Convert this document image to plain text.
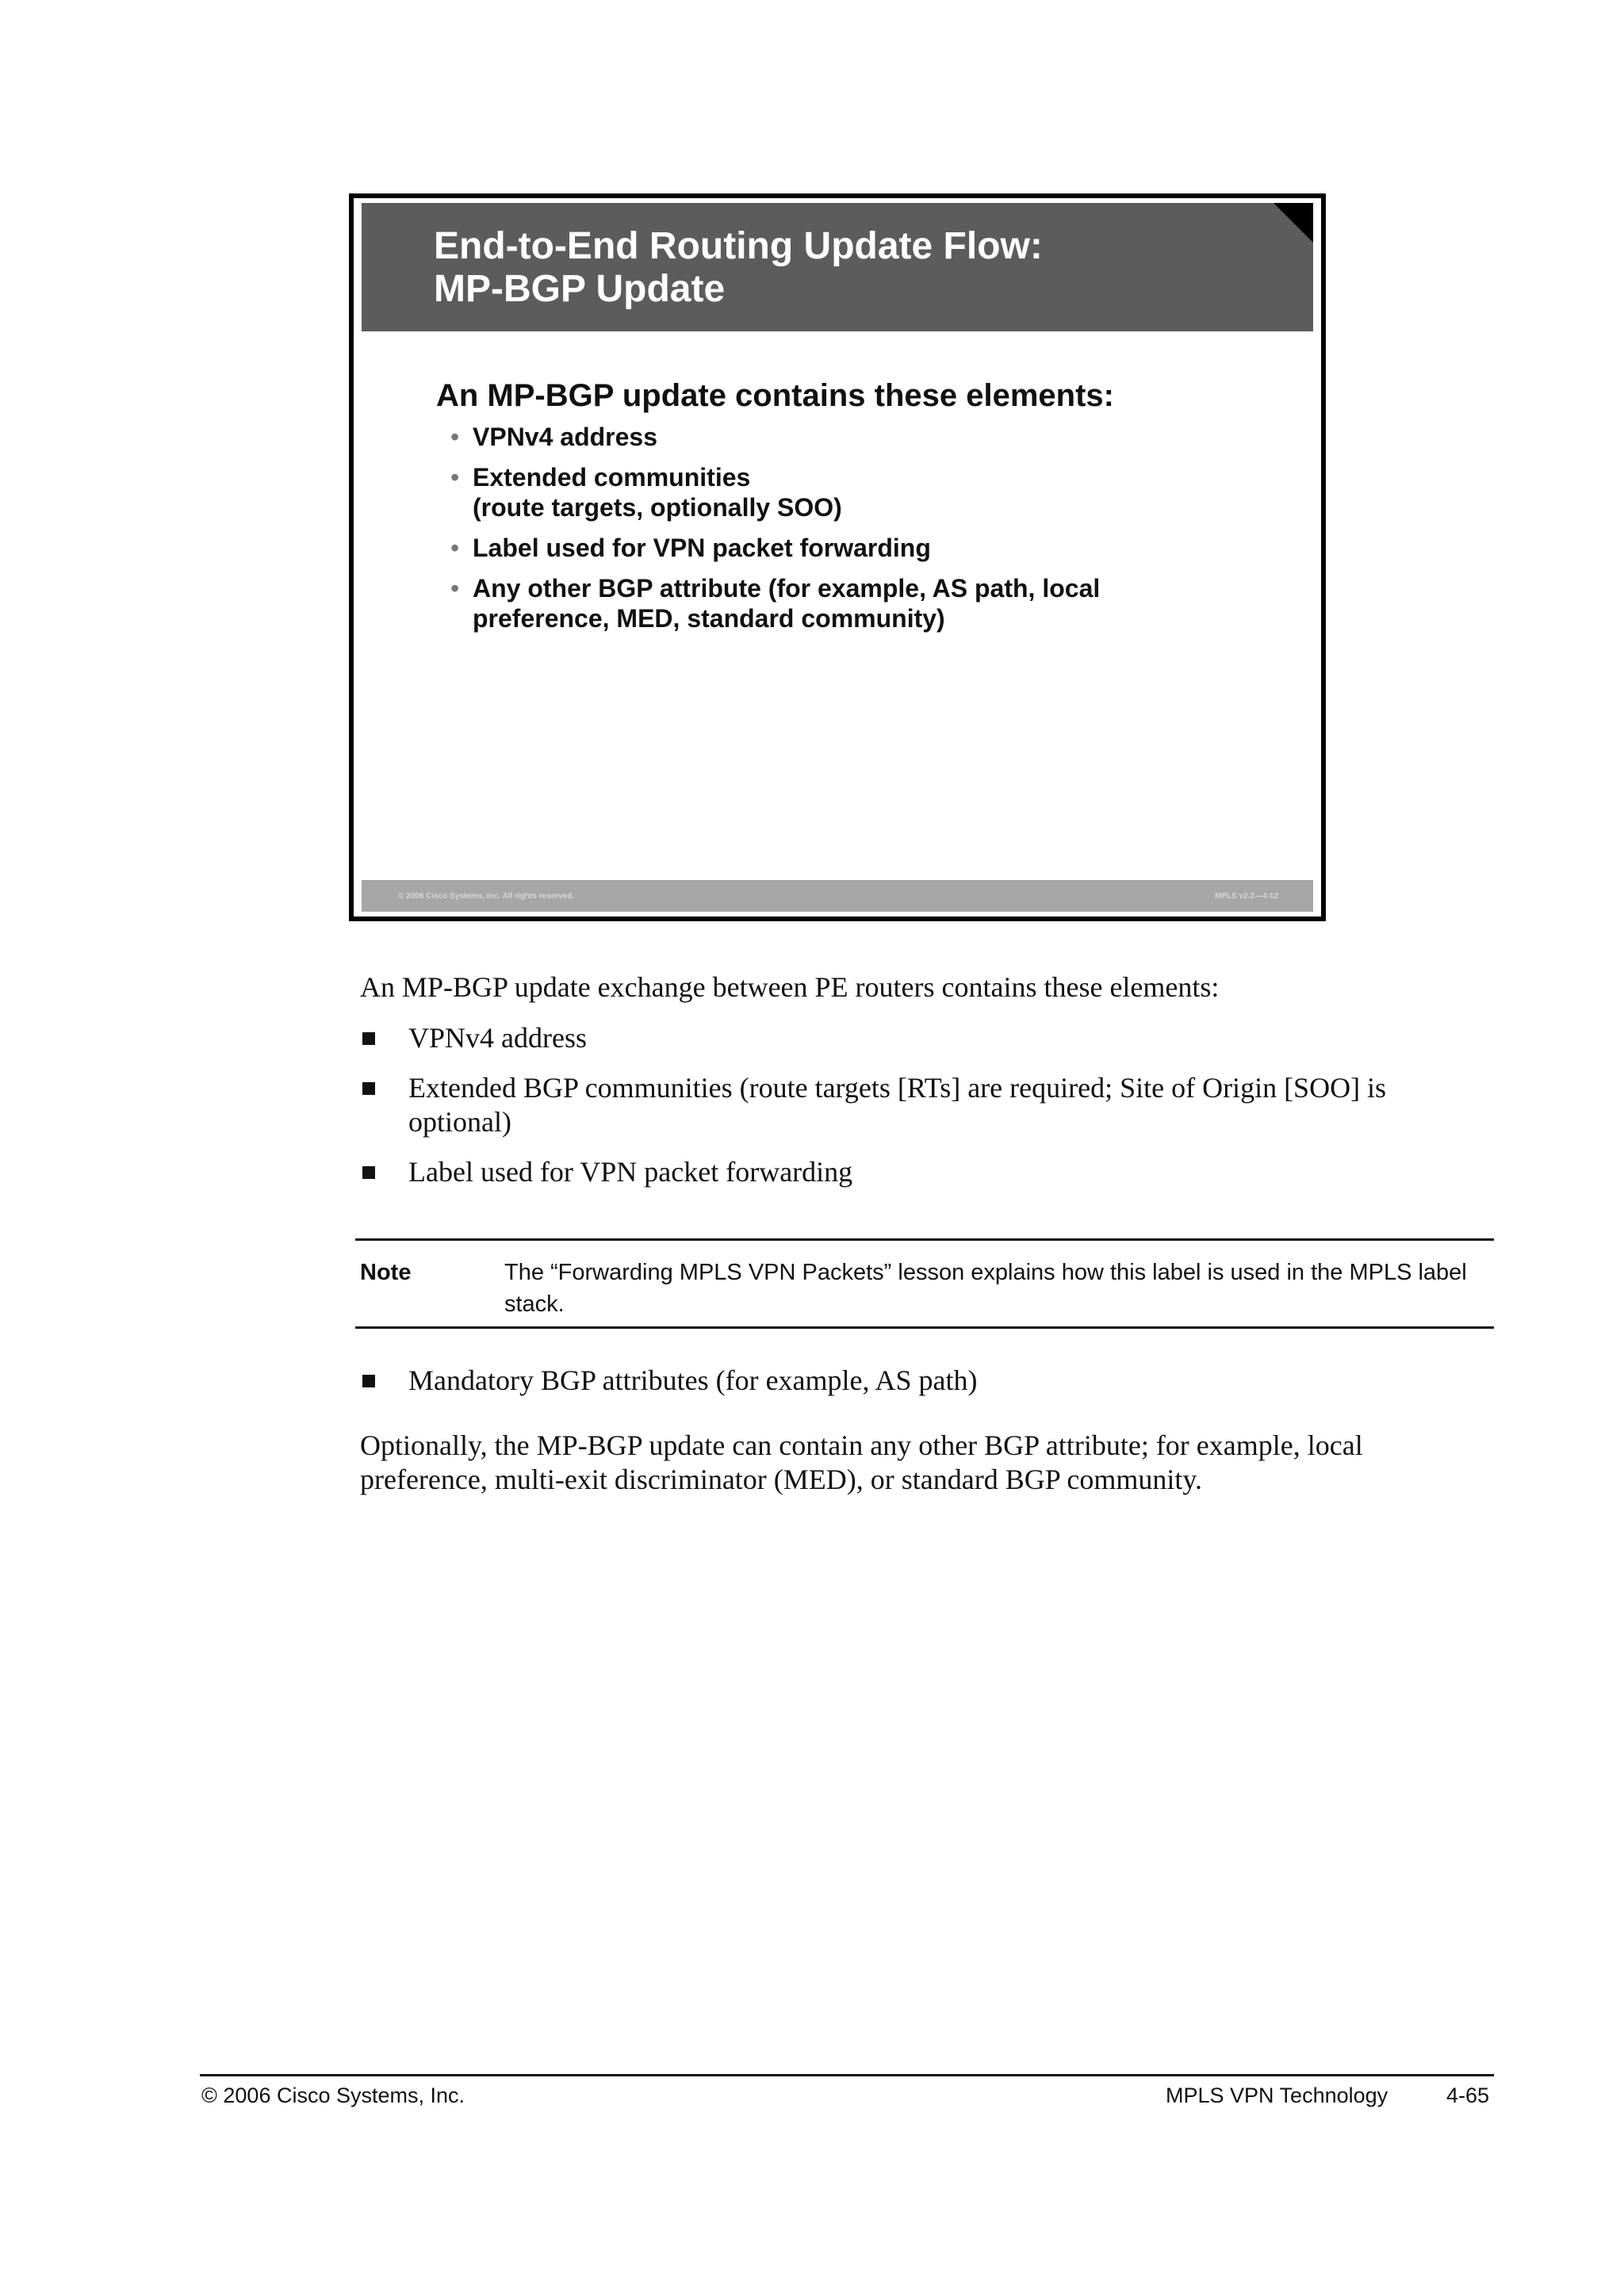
End-to-End Routing Update Flow:
MP-BGP Update
An MP-BGP update contains these elements:
• VPNv4 address
• Extended communities
(route targets, optionally SOO)
• Label used for VPN packet forwarding
• Any other BGP attribute (for example, AS path, local
preference, MED, standard community)
© 2006 Cisco Systems, Inc. All rights reserved.	MPLS v2.2—4-12
An MP-BGP update exchange between PE routers contains these elements:
VPNv4 address
Extended BGP communities (route targets [RTs] are required; Site of Origin [SOO] is optional)
Label used for VPN packet forwarding
Note	The “Forwarding MPLS VPN Packets” lesson explains how this label is used in the MPLS label stack.
Mandatory BGP attributes (for example, AS path)
Optionally, the MP-BGP update can contain any other BGP attribute; for example, local preference, multi-exit discriminator (MED), or standard BGP community.
© 2006 Cisco Systems, Inc.	MPLS VPN Technology	4-65
